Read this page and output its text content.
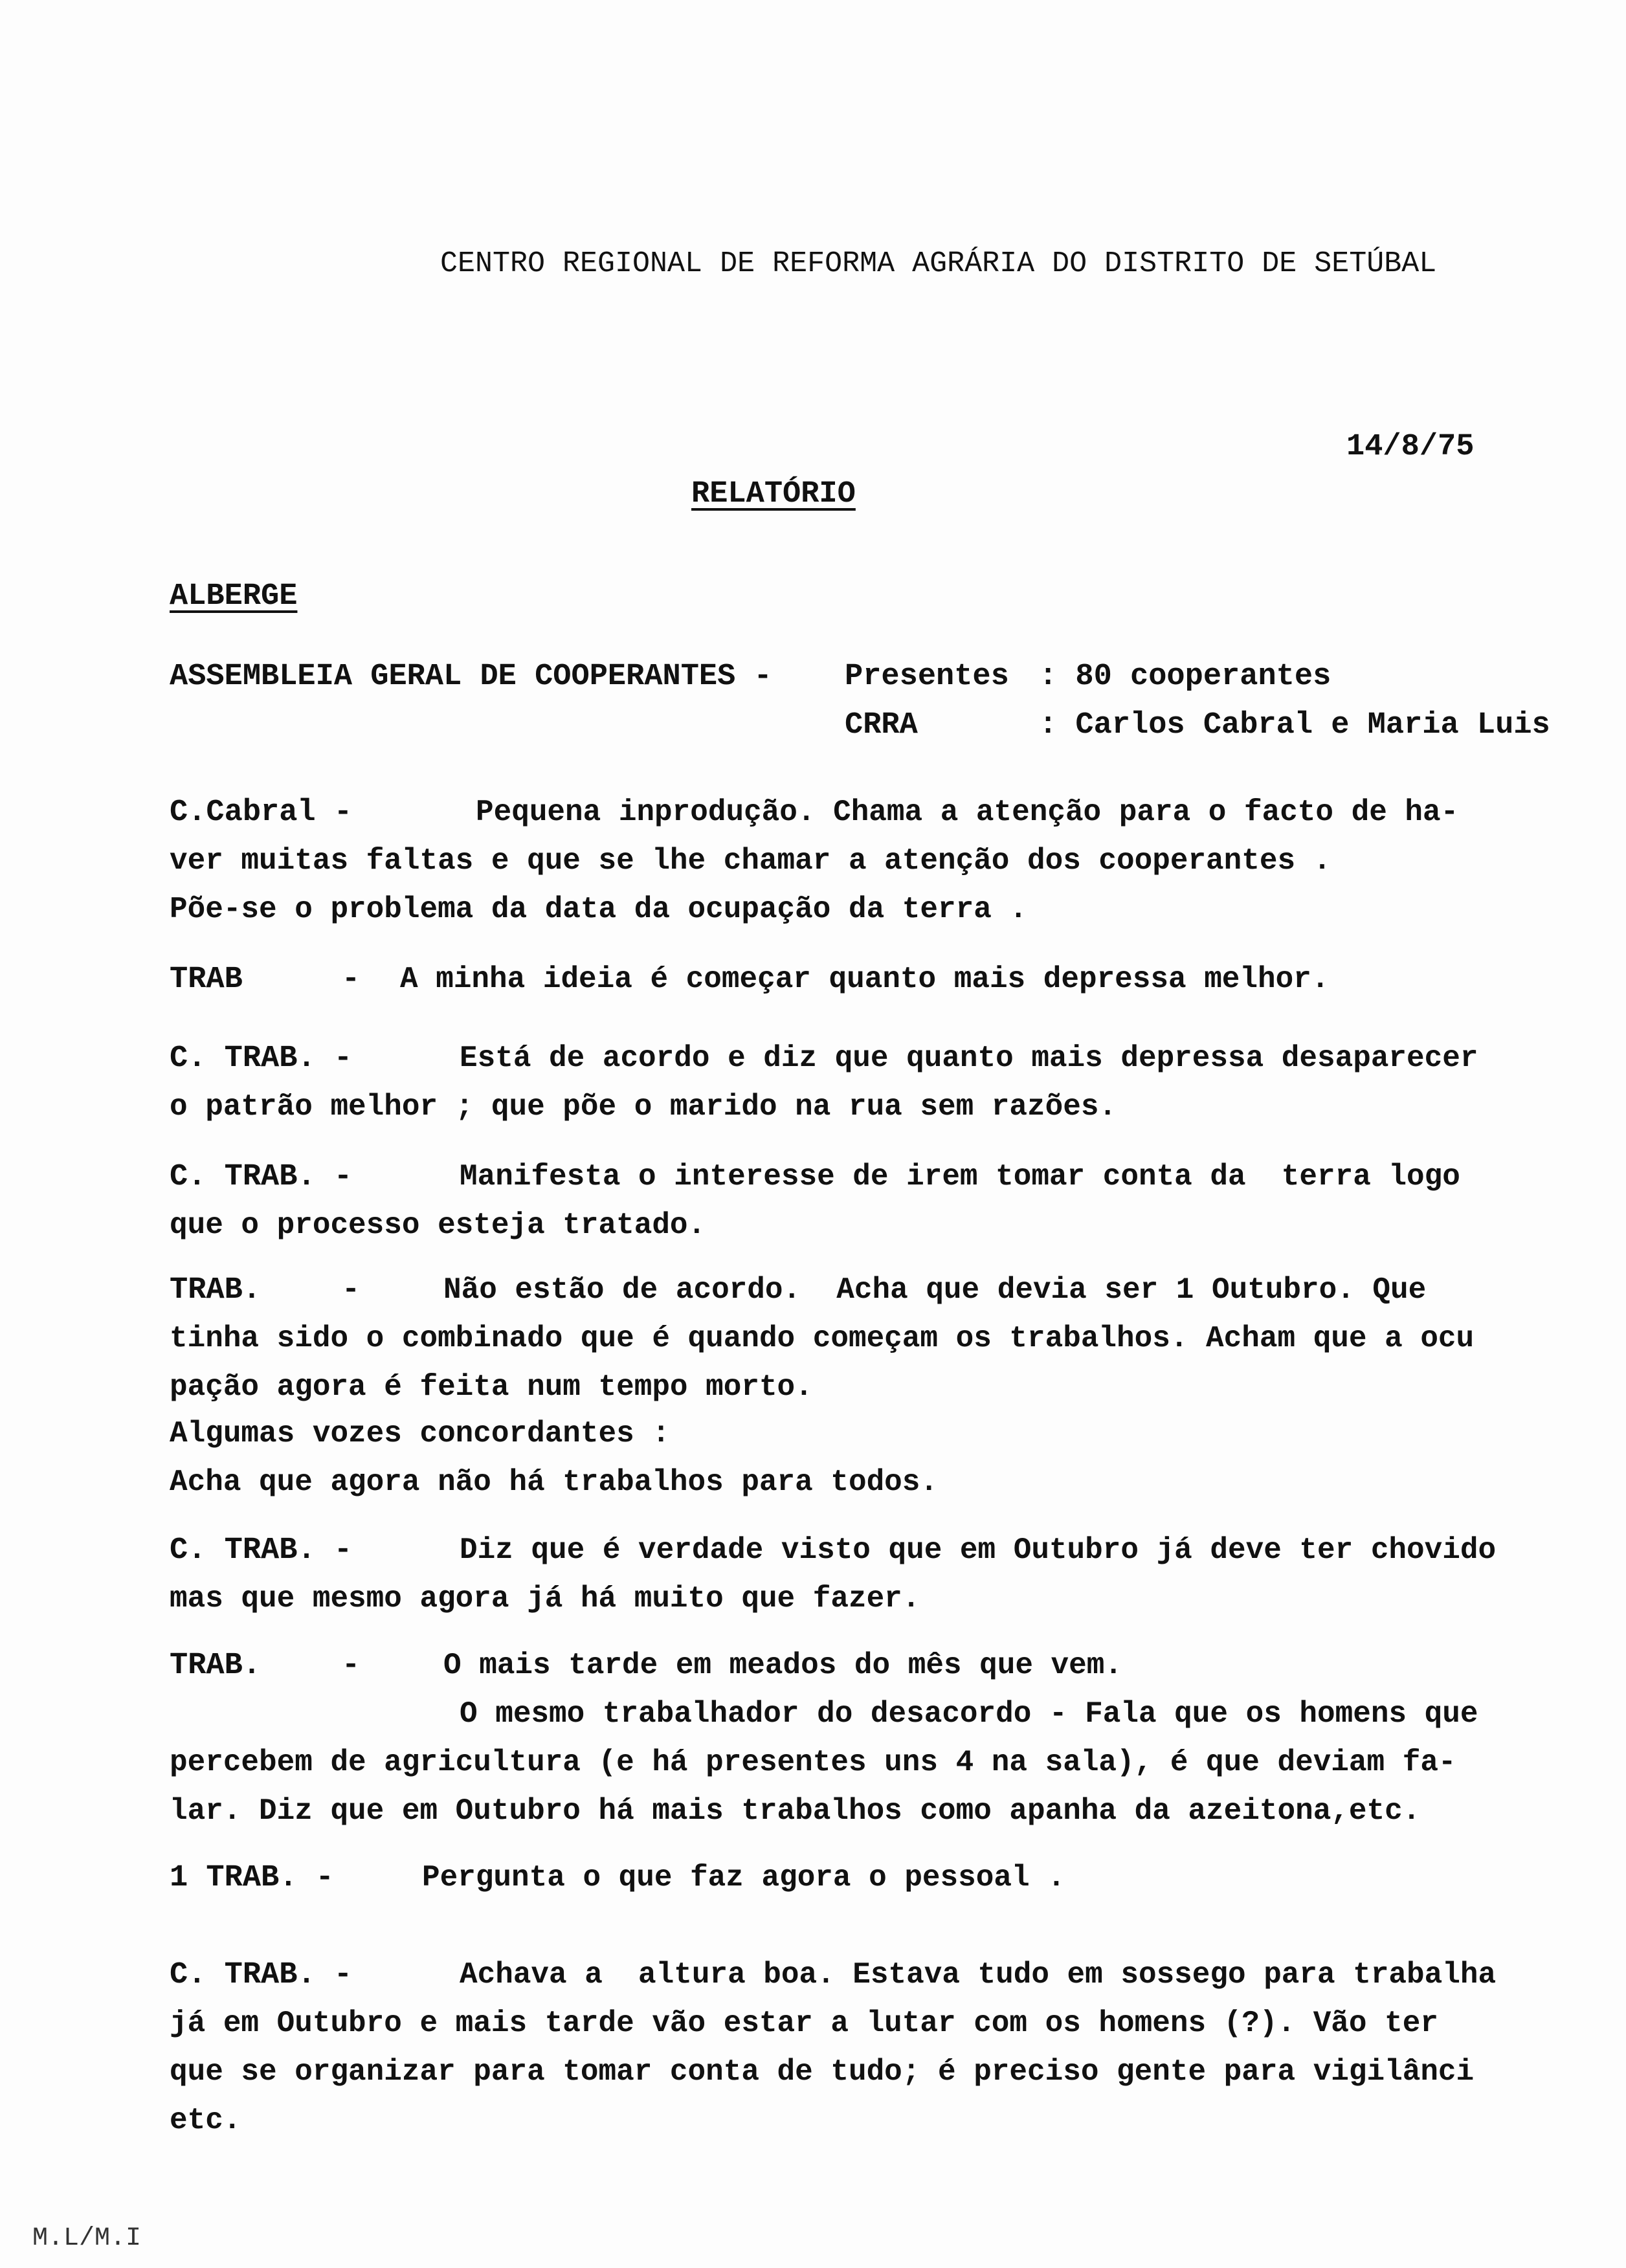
CENTRO REGIONAL DE REFORMA AGRÁRIA DO DISTRITO DE SETÚBAL
14/8/75
RELATÓRIO
ALBERGE
ASSEMBLEIA GERAL DE COOPERANTES - Presentes : 80 cooperantes
CRRA	: Carlos Cabral e Maria Luis
C.Cabral -	Pequena inprodução. Chama a atenção para o facto de ha-
ver muitas faltas e que se lhe chamar a atenção dos cooperantes .
Põe-se o problema da data da ocupação da terra .
TRAB	- A minha ideia é começar quanto mais depressa melhor.
C. TRAB. -	Está de acordo e diz que quanto mais depressa desaparecer
o patrão melhor ; que põe o marido na rua sem razões.
C. TRAB. -	Manifesta o interesse de irem tomar conta da  terra logo
que o processo esteja tratado.
TRAB.	-	Não estão de acordo.  Acha que devia ser 1 Outubro. Que
tinha sido o combinado que é quando começam os trabalhos. Acham que a ocu
pação agora é feita num tempo morto.
Algumas vozes concordantes :
Acha que agora não há trabalhos para todos.
C. TRAB. -	Diz que é verdade visto que em Outubro já deve ter chovido
mas que mesmo agora já há muito que fazer.
TRAB.	-	O mais tarde em meados do mês que vem.
O mesmo trabalhador do desacordo - Fala que os homens que
percebem de agricultura (e há presentes uns 4 na sala), é que deviam fa-
lar. Diz que em Outubro há mais trabalhos como apanha da azeitona,etc.
1 TRAB. -	Pergunta o que faz agora o pessoal .
C. TRAB. -	Achava a  altura boa. Estava tudo em sossego para trabalha
já em Outubro e mais tarde vão estar a lutar com os homens (?). Vão ter
que se organizar para tomar conta de tudo; é preciso gente para vigilânci
etc.
M.L/M.I
